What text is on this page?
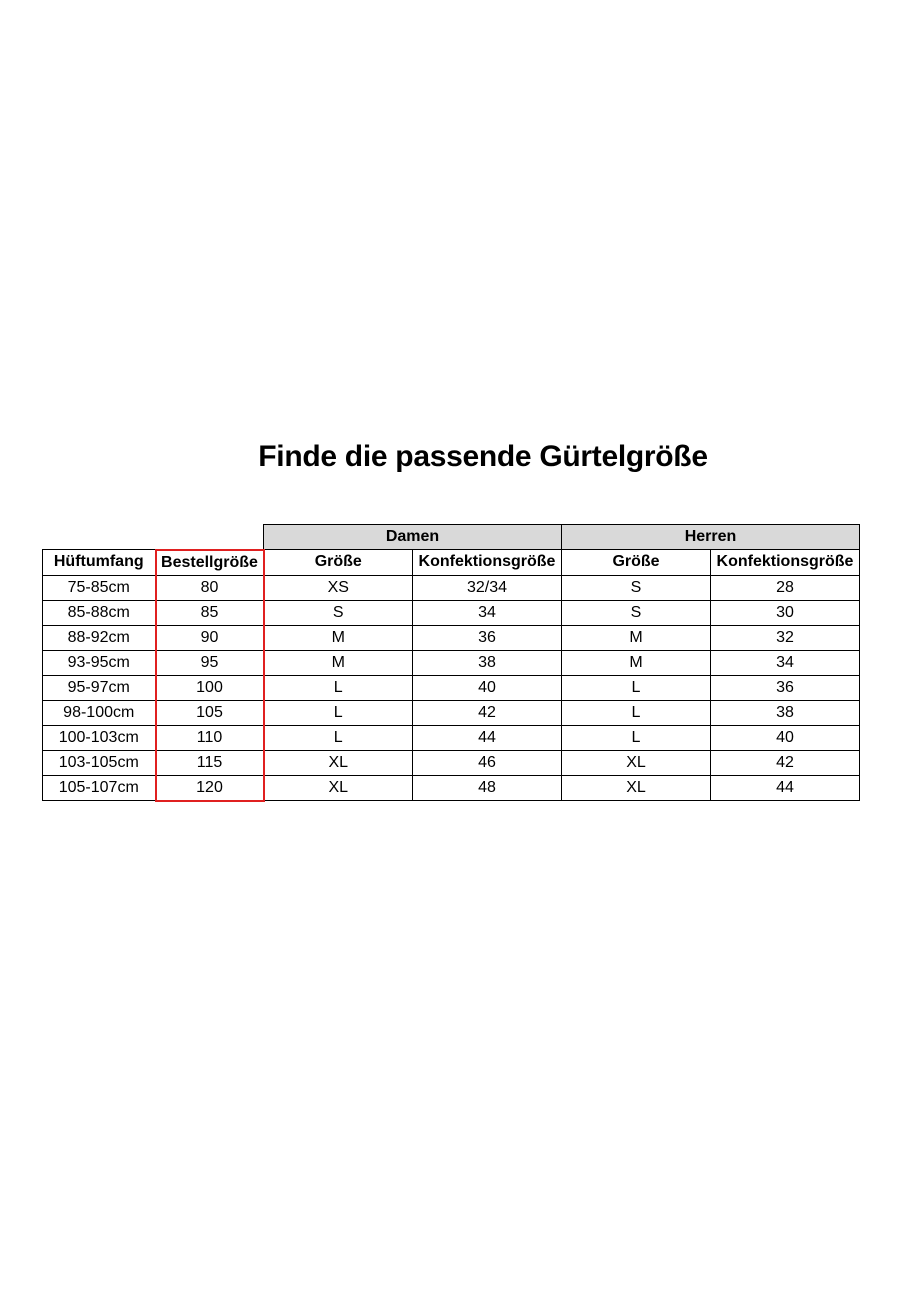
Finde die passende Gürtelgröße
		Damen		Herren	
Hüftumfang	Bestellgröße	Größe	Konfektionsgröße	Größe	Konfektionsgröße
75-85cm	80	XS	32/34	S	28
85-88cm	85	S	34	S	30
88-92cm	90	M	36	M	32
93-95cm	95	M	38	M	34
95-97cm	100	L	40	L	36
98-100cm	105	L	42	L	38
100-103cm	110	L	44	L	40
103-105cm	115	XL	46	XL	42
105-107cm	120	XL	48	XL	44
